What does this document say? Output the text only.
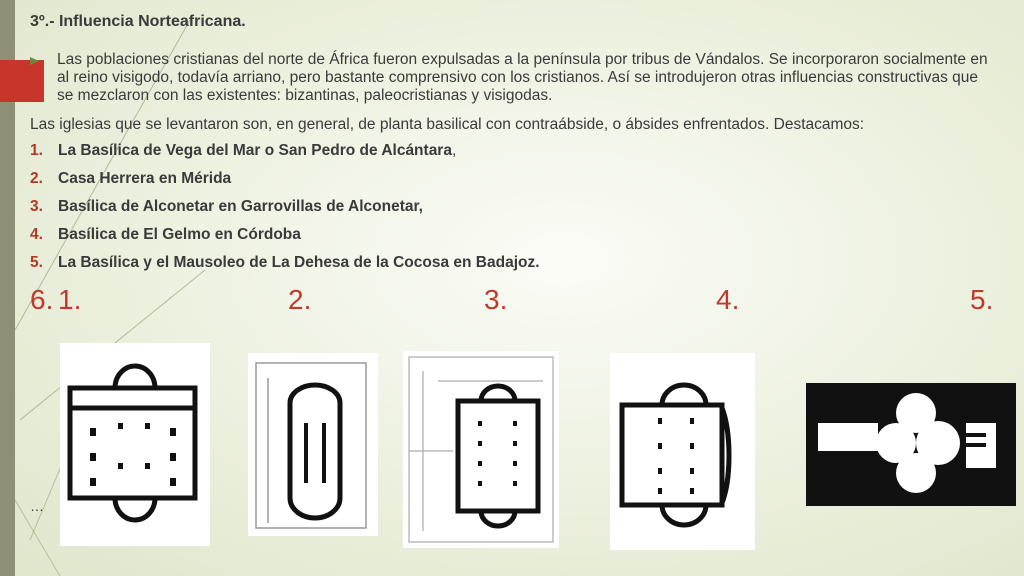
3º.- Influencia Norteafricana.
Las poblaciones cristianas del norte de África fueron expulsadas a la península por tribus de Vándalos. Se incorporaron socialmente en al reino visigodo, todavía arriano, pero bastante comprensivo con los cristianos. Así se introdujeron otras influencias constructivas que se mezclaron con las existentes: bizantinas, paleocristianas y visigodas.
Las iglesias que se levantaron son, en general, de planta basilical con contraábside, o ábsides enfrentados. Destacamos:
1. La Basílica de Vega del Mar o San Pedro de Alcántara ,
2. Casa Herrera en Mérida
3. Basílica de Alconetar en Garrovillas de Alconetar,
4. Basílica de El Gelmo en Córdoba
5. La Basílica y el Mausoleo de La Dehesa de la Cocosa en Badajoz.
6. 1.	2.	3.	4.	5.
…
